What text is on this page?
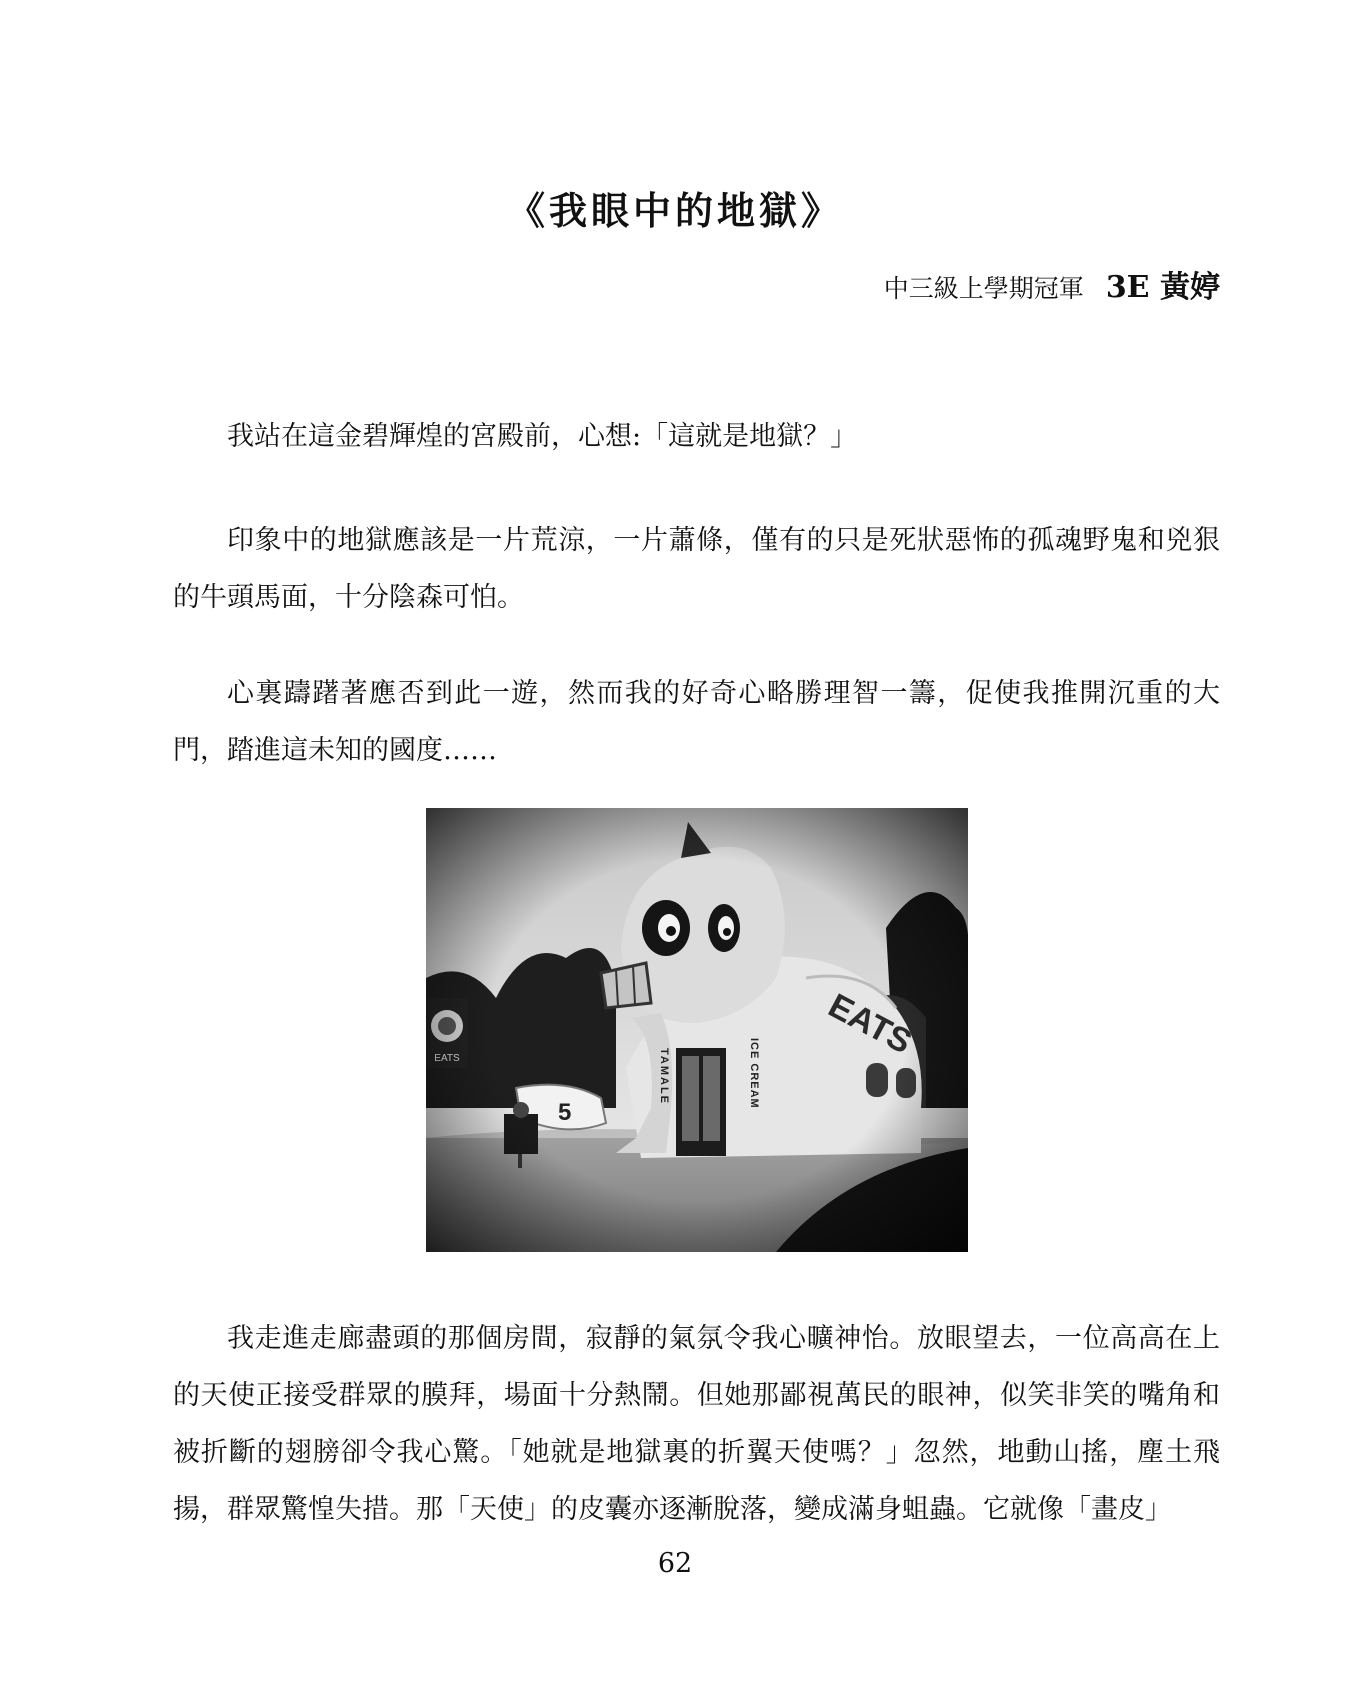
《我眼中的地獄》
中三級上學期冠軍 3E 黃婷

我站在這金碧輝煌的宮殿前，心想:「這就是地獄？」

印象中的地獄應該是一片荒涼，一片蕭條，僅有的只是死狀惡怖的孤魂野鬼和兇狠的牛頭馬面，十分陰森可怕。

心裏躊躇著應否到此一遊，然而我的好奇心略勝理智一籌，促使我推開沉重的大門，踏進這未知的國度……

我走進走廊盡頭的那個房間，寂靜的氣氛令我心曠神怡。放眼望去，一位高高在上的天使正接受群眾的膜拜，場面十分熱鬧。但她那鄙視萬民的眼神，似笑非笑的嘴角和被折斷的翅膀卻令我心驚。「她就是地獄裏的折翼天使嗎？」忽然，地動山搖，塵土飛揚，群眾驚惶失措。那「天使」的皮囊亦逐漸脫落，變成滿身蛆蟲。它就像「畫皮」

62
